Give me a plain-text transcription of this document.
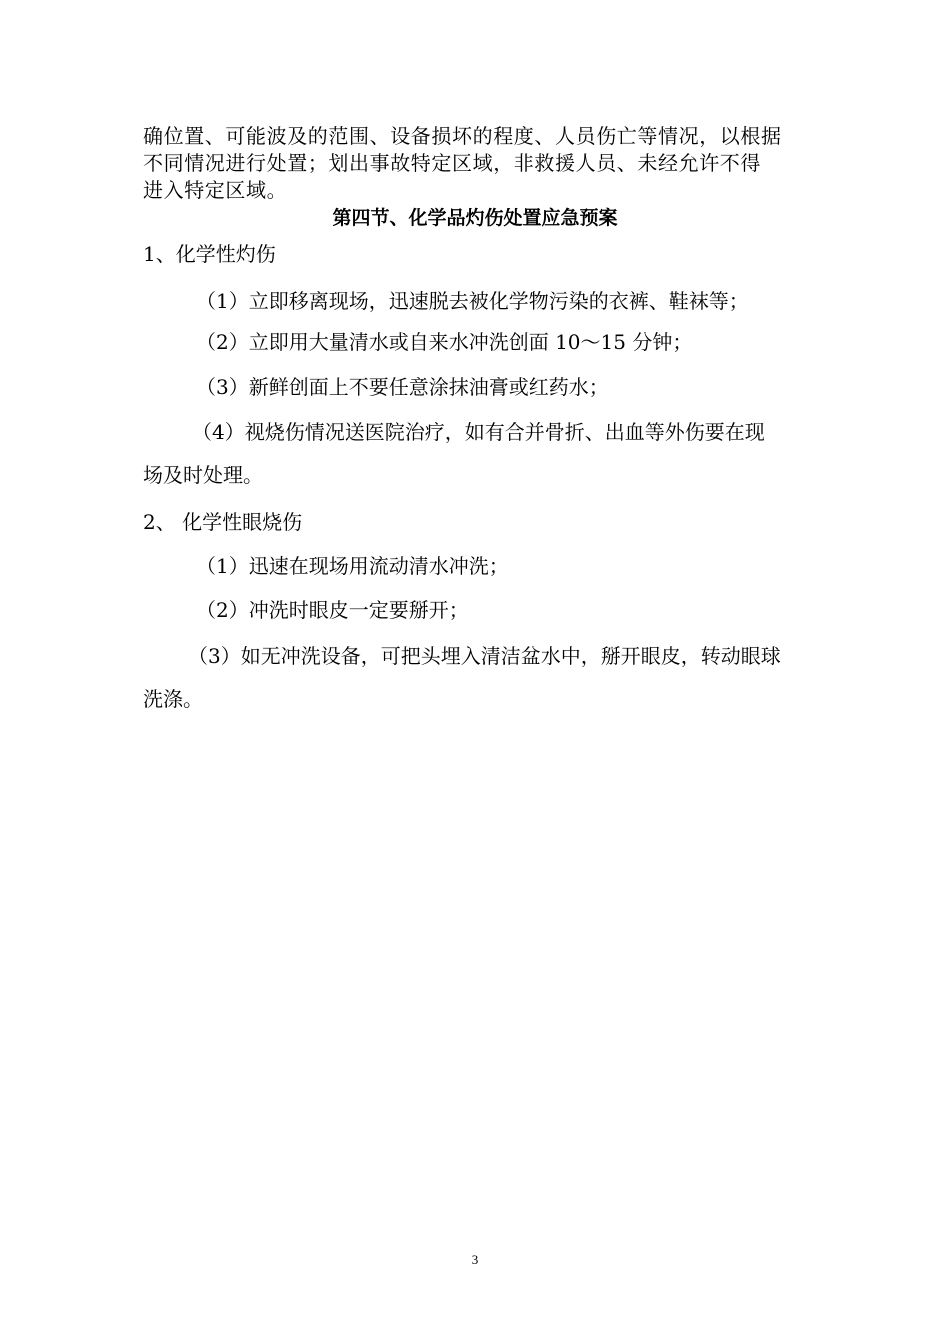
确位置、可能波及的范围、设备损坏的程度、人员伤亡等情况，以根据
不同情况进行处置；划出事故特定区域，非救援人员、未经允许不得
进入特定区域。
第四节、化学品灼伤处置应急预案
1、化学性灼伤
（1）立即移离现场，迅速脱去被化学物污染的衣裤、鞋袜等；
（2）立即用大量清水或自来水冲洗创面 10～15 分钟；
（3）新鲜创面上不要任意涂抹油膏或红药水；
（4）视烧伤情况送医院治疗，如有合并骨折、出血等外伤要在现
场及时处理。
2、 化学性眼烧伤
（1）迅速在现场用流动清水冲洗；
（2）冲洗时眼皮一定要掰开；
（3）如无冲洗设备，可把头埋入清洁盆水中，掰开眼皮，转动眼球
洗涤。
3
